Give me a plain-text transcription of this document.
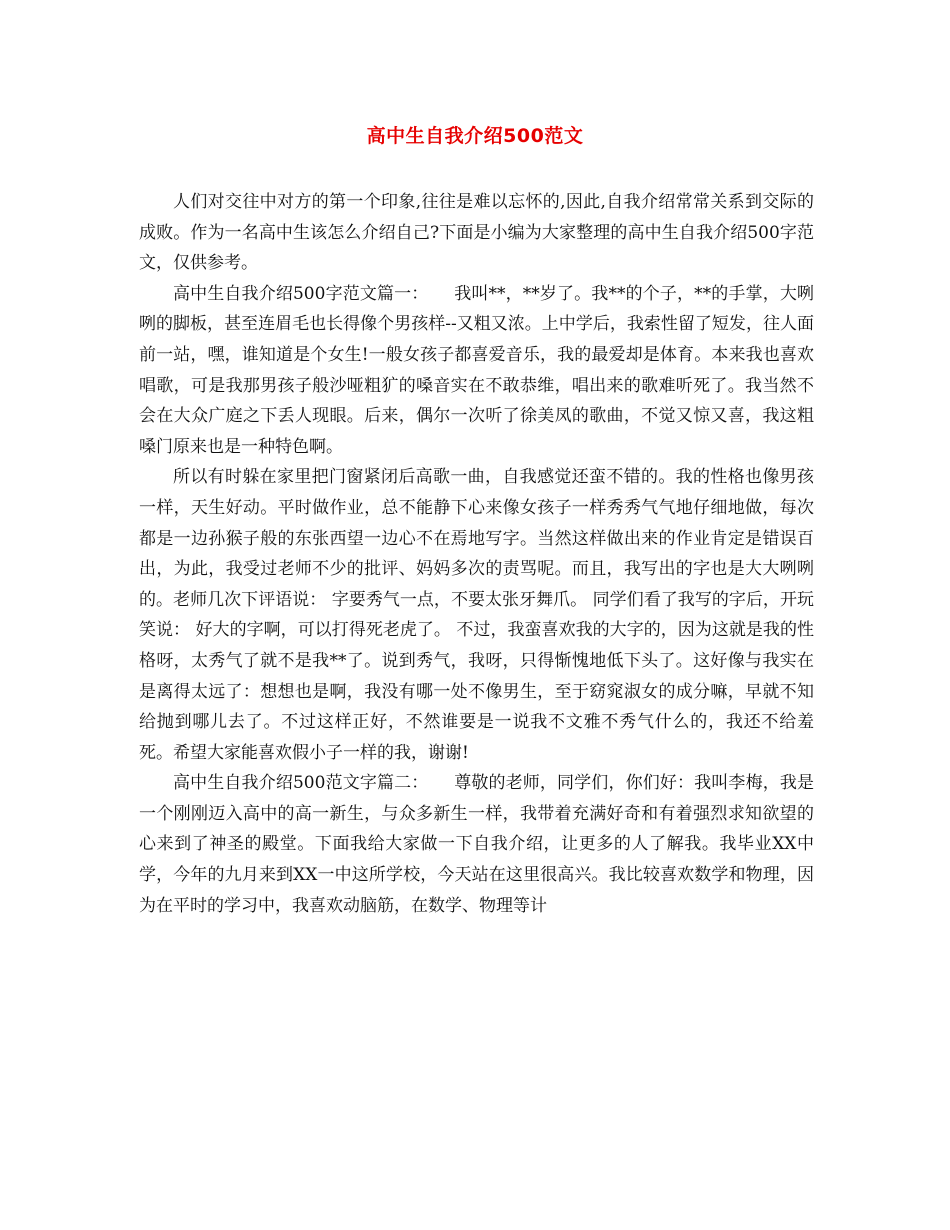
高中生自我介绍500范文

人们对交往中对方的第一个印象,往往是难以忘怀的,因此,自我介绍常常关系到交际的成败。作为一名高中生该怎么介绍自己?下面是小编为大家整理的高中生自我介绍500字范文，仅供参考。

高中生自我介绍500字范文篇一：　　我叫**，**岁了。我**的个子，**的手掌，大咧咧的脚板，甚至连眉毛也长得像个男孩样--又粗又浓。上中学后，我索性留了短发，往人面前一站，嘿，谁知道是个女生!一般女孩子都喜爱音乐，我的最爱却是体育。本来我也喜欢唱歌，可是我那男孩子般沙哑粗犷的嗓音实在不敢恭维，唱出来的歌难听死了。我当然不会在大众广庭之下丢人现眼。后来，偶尔一次听了徐美凤的歌曲，不觉又惊又喜，我这粗嗓门原来也是一种特色啊。

所以有时躲在家里把门窗紧闭后高歌一曲，自我感觉还蛮不错的。我的性格也像男孩一样，天生好动。平时做作业，总不能静下心来像女孩子一样秀秀气气地仔细地做，每次都是一边孙猴子般的东张西望一边心不在焉地写字。当然这样做出来的作业肯定是错误百出，为此，我受过老师不少的批评、妈妈多次的责骂呢。而且，我写出的字也是大大咧咧的。老师几次下评语说： 字要秀气一点，不要太张牙舞爪。 同学们看了我写的字后，开玩笑说： 好大的字啊，可以打得死老虎了。 不过，我蛮喜欢我的大字的，因为这就是我的性格呀，太秀气了就不是我**了。说到秀气，我呀，只得惭愧地低下头了。这好像与我实在是离得太远了：想想也是啊，我没有哪一处不像男生，至于窈窕淑女的成分嘛，早就不知给抛到哪儿去了。不过这样正好，不然谁要是一说我不文雅不秀气什么的，我还不给羞死。希望大家能喜欢假小子一样的我，谢谢!

高中生自我介绍500范文字篇二：　　尊敬的老师，同学们，你们好：我叫李梅，我是一个刚刚迈入高中的高一新生，与众多新生一样，我带着充满好奇和有着强烈求知欲望的心来到了神圣的殿堂。下面我给大家做一下自我介绍，让更多的人了解我。我毕业XX中学，今年的九月来到XX一中这所学校，今天站在这里很高兴。我比较喜欢数学和物理，因为在平时的学习中，我喜欢动脑筋，在数学、物理等计
